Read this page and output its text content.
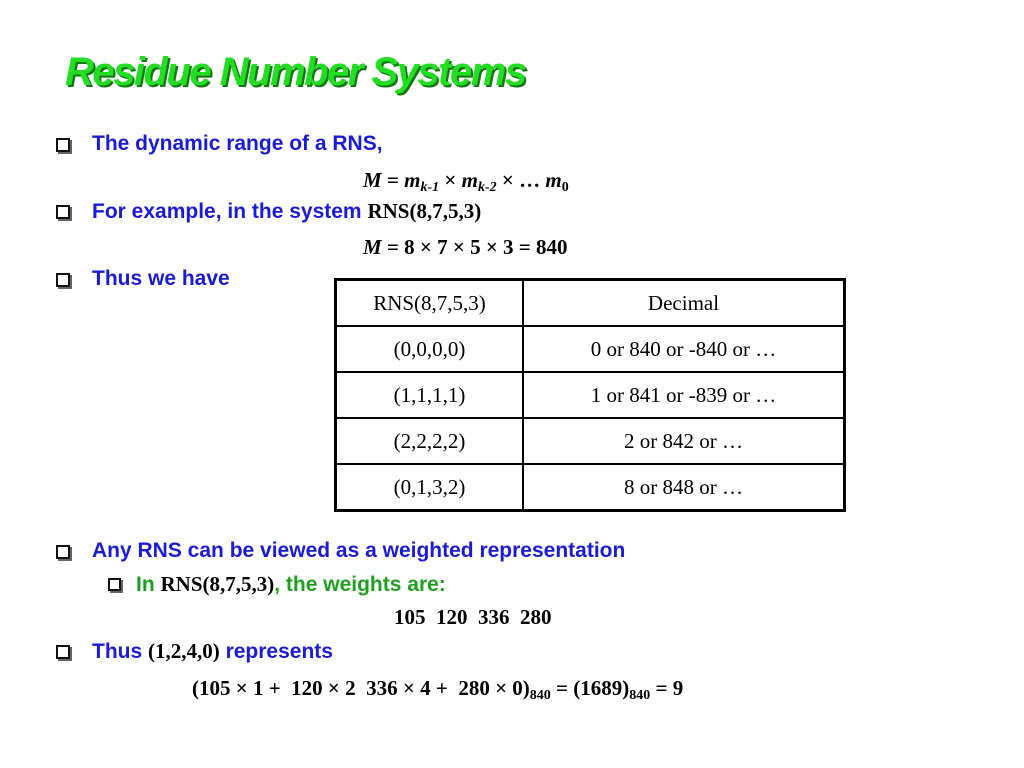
Residue Number Systems
The dynamic range of a RNS,
$M = m_{k-1} \times m_{k-2}$ × … $m_0$
For example, in the system RNS(8,7,5,3)
M = 8 × 7 × 5 × 3 = 840
Thus we have
RNS(8,7,5,3)	Decimal
(0,0,0,0)	0 or 840 or -840 or …
(1,1,1,1)	1 or 841 or -839 or …
(2,2,2,2)	2 or 842 or …
(0,1,3,2)	8 or 848 or …
Any RNS can be viewed as a weighted representation
In RNS(8,7,5,3), the weights are:
105  120  336  280
Thus (1,2,4,0) represents
(105 × 1 +  120 × 2  $336 \times 4 + 280 \times 0)_{840} = (1689)_{840} = 9$
